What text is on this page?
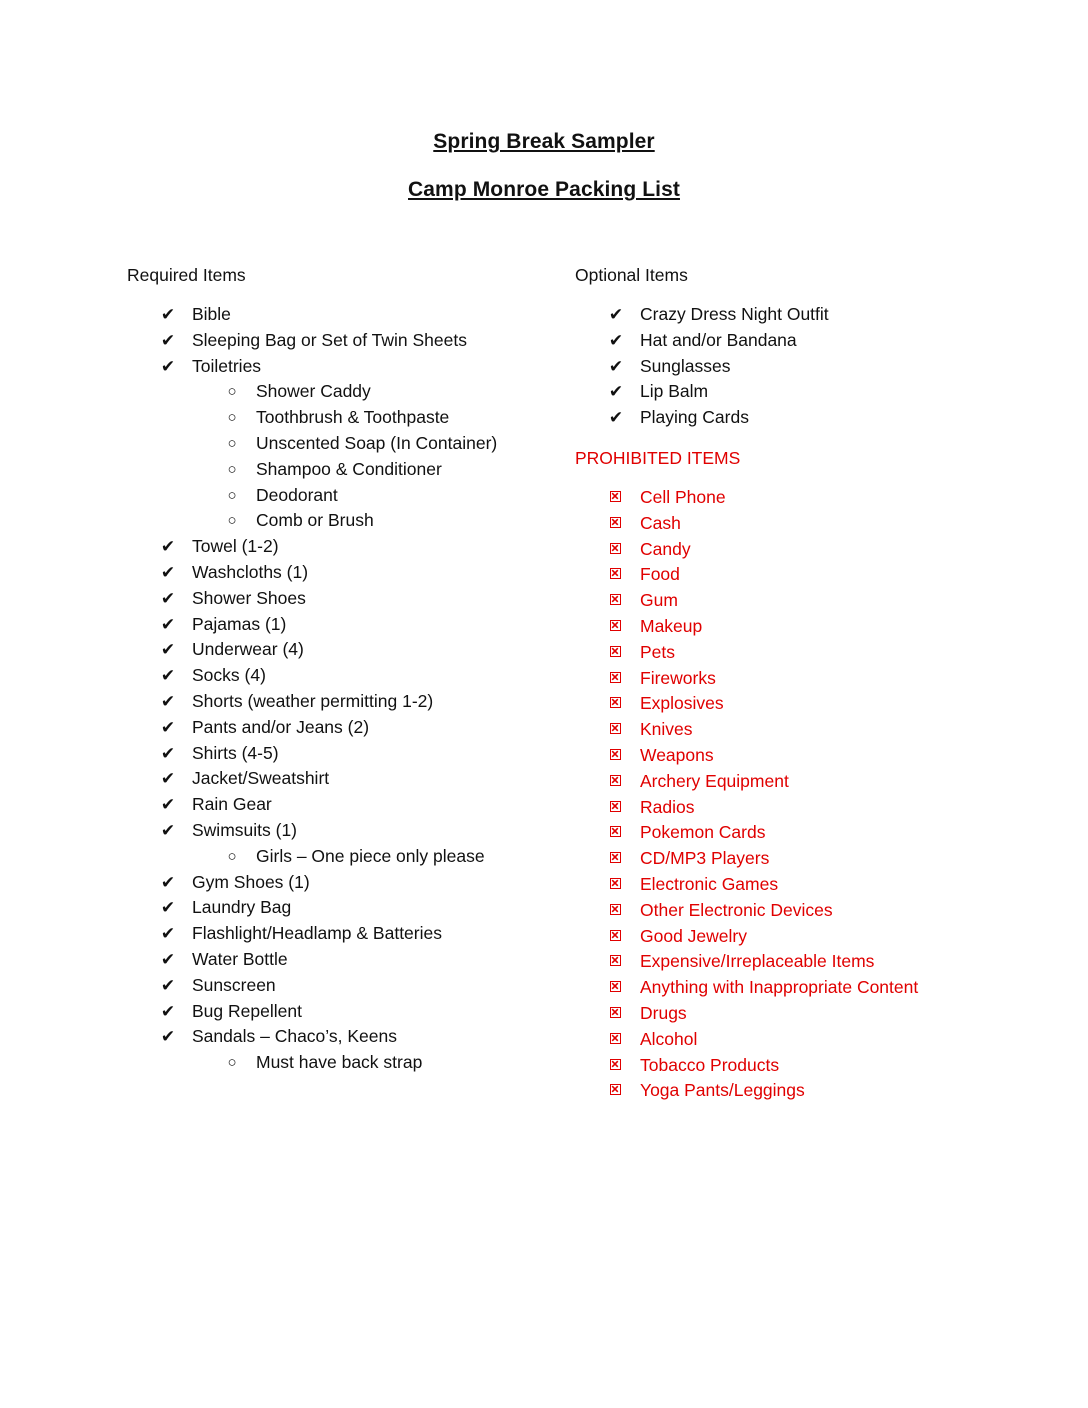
Spring Break Sampler
Camp Monroe Packing List
Required Items
✔ Bible
✔ Sleeping Bag or Set of Twin Sheets
✔ Toiletries
○	Shower Caddy
○	Toothbrush & Toothpaste
○	Unscented Soap (In Container)
○	Shampoo & Conditioner
○	Deodorant
○	Comb or Brush
✔ Towel (1-2)
✔ Washcloths (1)
✔ Shower Shoes
✔ Pajamas (1)
✔ Underwear (4)
✔ Socks (4)
✔ Shorts (weather permitting 1-2)
✔ Pants and/or Jeans (2)
✔ Shirts (4-5)
✔ Jacket/Sweatshirt
✔ Rain Gear
✔ Swimsuits (1)
○	Girls – One piece only please
✔ Gym Shoes (1)
✔ Laundry Bag
✔ Flashlight/Headlamp & Batteries
✔ Water Bottle
✔ Sunscreen
✔ Bug Repellent
✔ Sandals – Chaco’s, Keens
○	Must have back strap
Optional Items
✔ Crazy Dress Night Outfit
✔ Hat and/or Bandana
✔ Sunglasses
✔ Lip Balm
✔ Playing Cards
PROHIBITED ITEMS
Cell Phone
Cash
Candy
Food
Gum
Makeup
Pets
Fireworks
Explosives
Knives
Weapons
Archery Equipment
Radios
Pokemon Cards
CD/MP3 Players
Electronic Games
Other Electronic Devices
Good Jewelry
Expensive/Irreplaceable Items
Anything with Inappropriate Content
Drugs
Alcohol
Tobacco Products
Yoga Pants/Leggings
